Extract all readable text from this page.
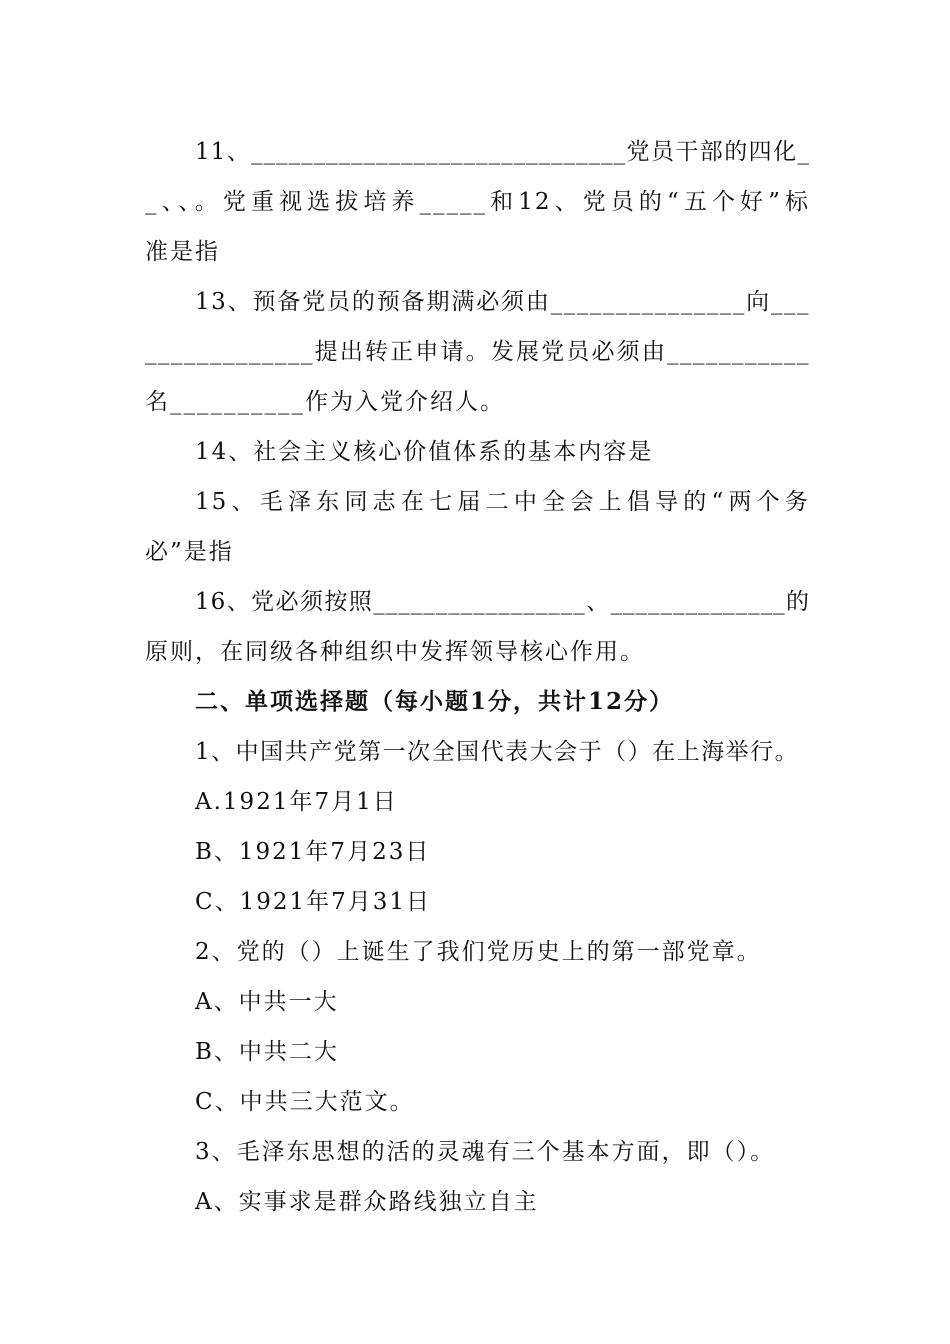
11、______________________________党员干部的四化_
_、、。党重视选拔培养_____和12、党员的“五个好”标
准是指
13、预备党员的预备期满必须由_______________向___
_____________提出转正申请。发展党员必须由___________
名__________作为入党介绍人。
14、社会主义核心价值体系的基本内容是
15、毛泽东同志在七届二中全会上倡导的“两个务
必”是指
16、党必须按照_________________、______________的
原则，在同级各种组织中发挥领导核心作用。
二、单项选择题（每小题1分，共计12分）
1、中国共产党第一次全国代表大会于（）在上海举行。
A.1921年7月1日
B、1921年7月23日
C、1921年7月31日
2、党的（）上诞生了我们党历史上的第一部党章。
A、中共一大
B、中共二大
C、中共三大范文。
3、毛泽东思想的活的灵魂有三个基本方面，即（）。
A、实事求是群众路线独立自主
